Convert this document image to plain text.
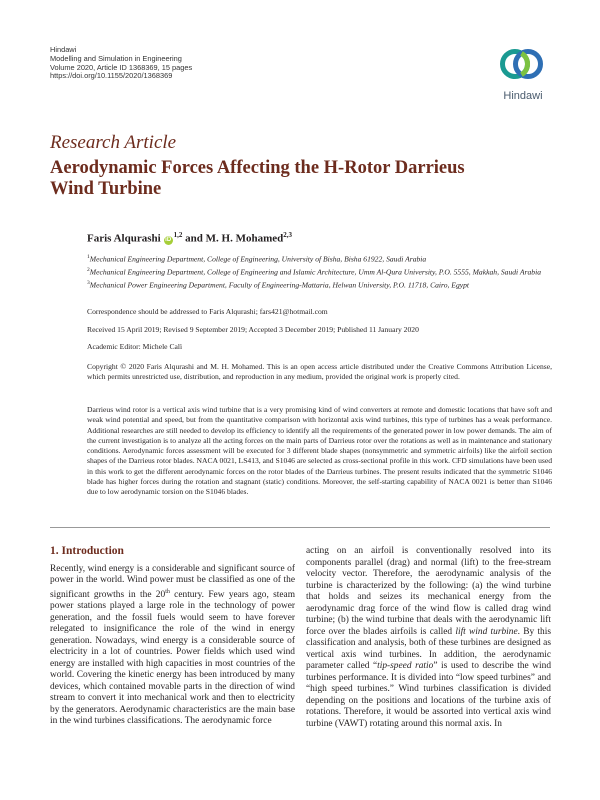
Hindawi
Modelling and Simulation in Engineering
Volume 2020, Article ID 1368369, 15 pages
https://doi.org/10.1155/2020/1368369
Hindawi
Research Article
Aerodynamic Forces Affecting the H-Rotor Darrieus Wind Turbine
Faris Alqurashi iD$^{1,2}$ and M. H. Mohamed$^{2,3}$

$^1$Mechanical Engineering Department, College of Engineering, University of Bisha, Bisha 61922, Saudi Arabia

$^2$Mechanical Engineering Department, College of Engineering and Islamic Architecture, Umm Al-Qura University, P.O. 5555, Makkah, Saudi Arabia

$^3$Mechanical Power Engineering Department, Faculty of Engineering-Mattaria, Helwan University, P.O. 11718, Cairo, Egypt

Correspondence should be addressed to Faris Alqurashi; fars421@hotmail.com
Received 15 April 2019; Revised 9 September 2019; Accepted 3 December 2019; Published 11 January 2020
Academic Editor: Michele Calì
Copyright © 2020 Faris Alqurashi and M. H. Mohamed. This is an open access article distributed under the Creative Commons Attribution License, which permits unrestricted use, distribution, and reproduction in any medium, provided the original work is properly cited.
Darrieus wind rotor is a vertical axis wind turbine that is a very promising kind of wind converters at remote and domestic locations that have soft and weak wind potential and speed, but from the quantitative comparison with horizontal axis wind turbines, this type of turbines has a weak performance. Additional researches are still needed to develop its efficiency to identify all the requirements of the generated power in low power demands. The aim of the current investigation is to analyze all the acting forces on the main parts of Darrieus rotor over the rotations as well as in maintenance and stationary conditions. Aerodynamic forces assessment will be executed for 3 different blade shapes (nonsymmetric and symmetric airfoils) like the airfoil section shapes of the Darrieus rotor blades. NACA 0021, LS413, and S1046 are selected as cross-sectional profile in this work. CFD simulations have been used in this work to get the different aerodynamic forces on the rotor blades of the Darrieus turbines. The present results indicated that the symmetric S1046 blade has higher forces during the rotation and stagnant (static) conditions. Moreover, the self-starting capability of NACA 0021 is better than S1046 due to low aerodynamic torsion on the S1046 blades.
1. Introduction

Recently, wind energy is a considerable and significant source of power in the world. Wind power must be classified as one of the significant growths in the 20th century. Few years ago, steam power stations played a large role in the technology of power generation, and the fossil fuels would seem to have forever relegated to insignificance the role of the wind in energy generation. Nowadays, wind energy is a considerable source of electricity in a lot of countries. Power fields which used wind energy are installed with high capacities in most countries of the world. Covering the kinetic energy has been introduced by many devices, which contained movable parts in the direction of wind stream to convert it into mechanical work and then to electricity by the generators. Aerodynamic characteristics are the main base in the wind turbines classifications. The aerodynamic force

acting on an airfoil is conventionally resolved into its components parallel (drag) and normal (lift) to the free-stream velocity vector. Therefore, the aerodynamic analysis of the turbine is characterized by the following: (a) the wind turbine that holds and seizes its mechanical energy from the aerodynamic drag force of the wind flow is called drag wind turbine; (b) the wind turbine that deals with the aerodynamic lift force over the blades airfoils is called lift wind turbine. By this classification and analysis, both of these turbines are designed as vertical axis wind turbines. In addition, the aerodynamic parameter called “tip-speed ratio” is used to describe the wind turbines performance. It is divided into “low speed turbines” and “high speed turbines.” Wind turbines classification is divided depending on the positions and locations of the turbine axis of rotations. Therefore, it would be assorted into vertical axis wind turbine (VAWT) rotating around this normal axis. In
